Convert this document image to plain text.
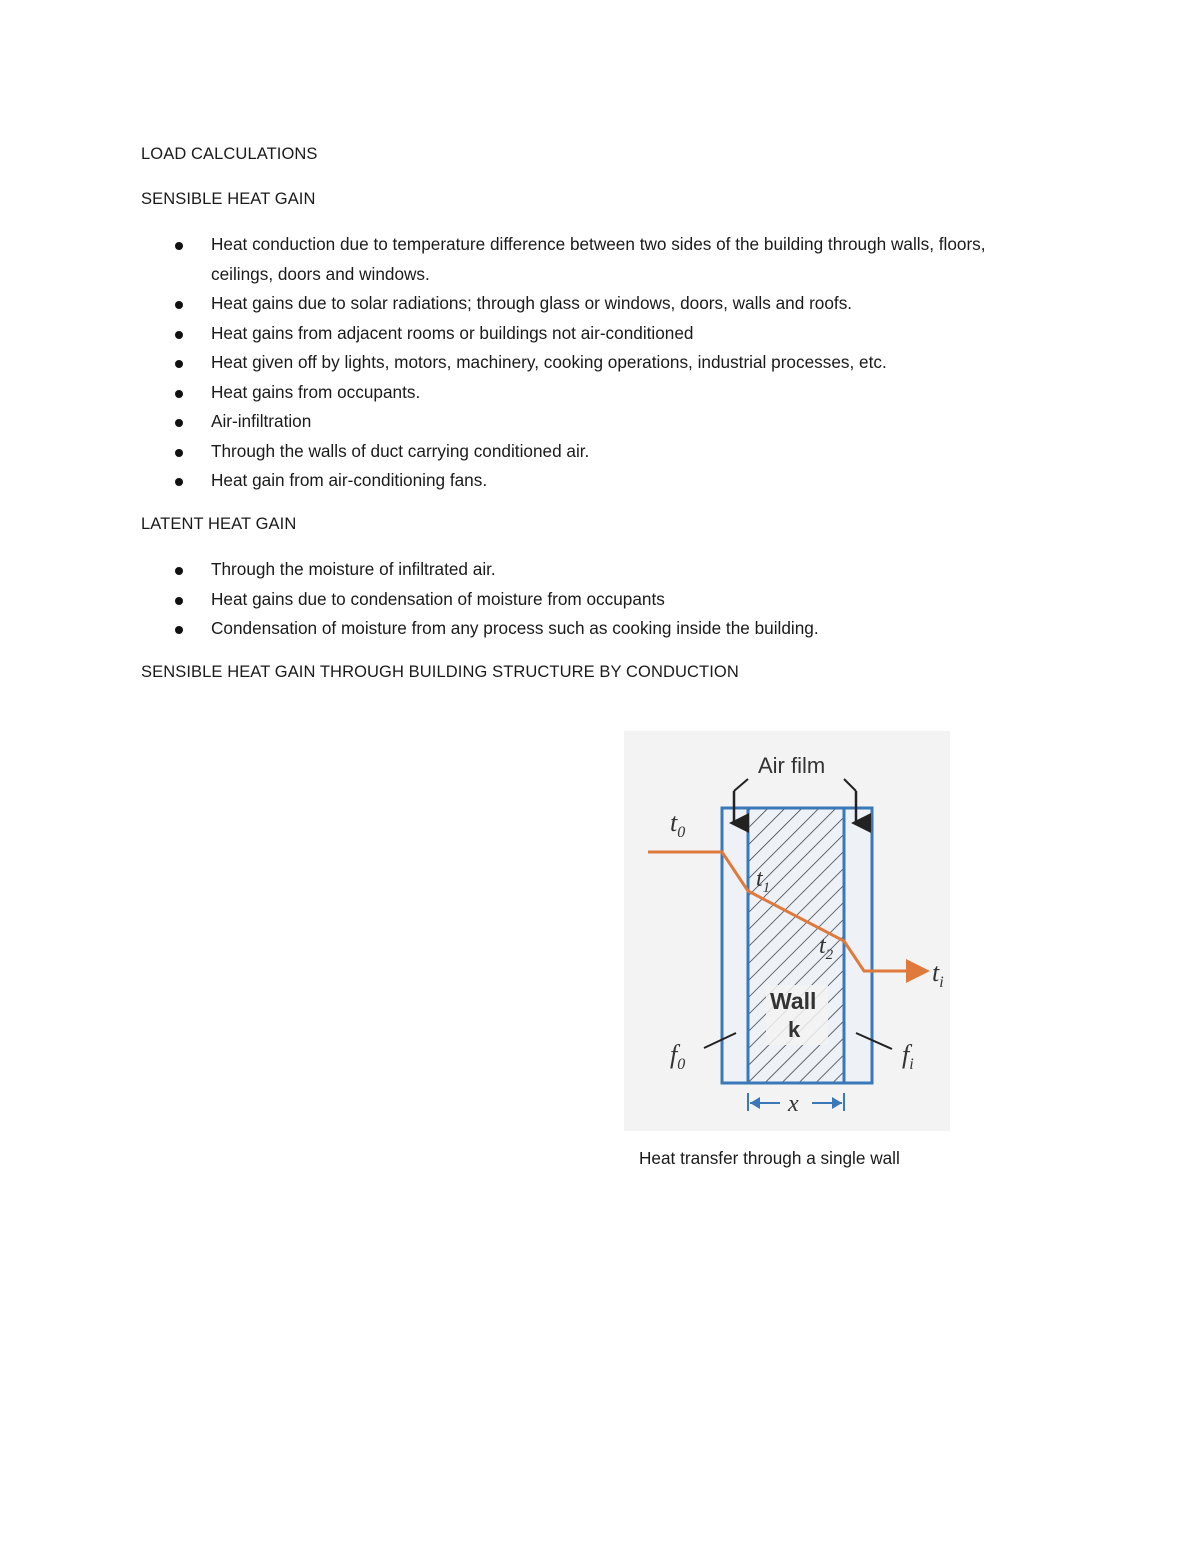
LOAD CALCULATIONS
SENSIBLE HEAT GAIN
Heat conduction due to temperature difference between two sides of the building through walls, floors, ceilings, doors and windows.
Heat gains due to solar radiations; through glass or windows, doors, walls and roofs.
Heat gains from adjacent rooms or buildings not air-conditioned
Heat given off by lights, motors, machinery, cooking operations, industrial processes, etc.
Heat gains from occupants.
Air-infiltration
Through the walls of duct carrying conditioned air.
Heat gain from air-conditioning fans.
LATENT HEAT GAIN
Through the moisture of infiltrated air.
Heat gains due to condensation of moisture from occupants
Condensation of moisture from any process such as cooking inside the building.
SENSIBLE HEAT GAIN THROUGH BUILDING STRUCTURE BY CONDUCTION
Air film
$t_0$
$t_1$
$t_2$
$t_i$
Wall
k
$f_0$	$f_i$
x
Heat transfer through a single wall
